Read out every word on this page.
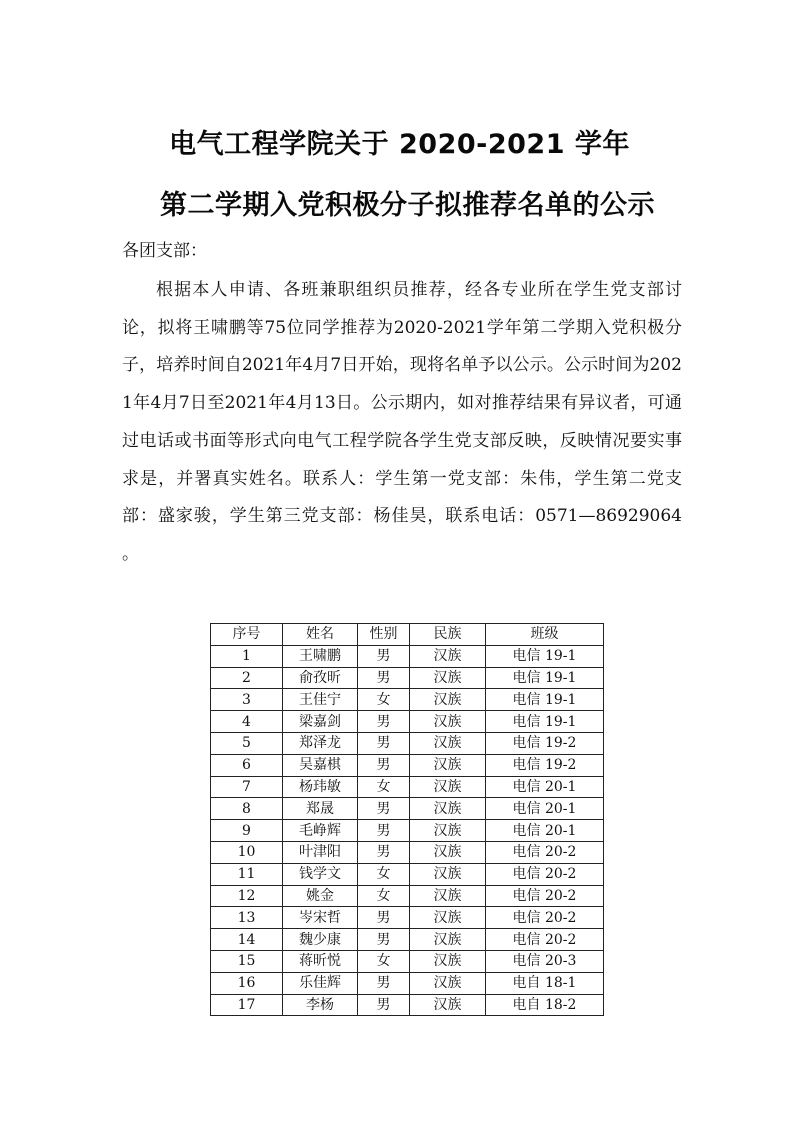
电气工程学院关于 2020-2021 学年
第二学期入党积极分子拟推荐名单的公示
各团支部：
根据本人申请、各班兼职组织员推荐，经各专业所在学生党支部讨论，拟将王啸鹏等75位同学推荐为2020-2021学年第二学期入党积极分子，培养时间自2021年4月7日开始，现将名单予以公示。公示时间为2021年4月7日至2021年4月13日。公示期内，如对推荐结果有异议者，可通过电话或书面等形式向电气工程学院各学生党支部反映，反映情况要实事求是，并署真实姓名。联系人：学生第一党支部：朱伟，学生第二党支部：盛家骏，学生第三党支部：杨佳昊，联系电话：0571—86929064 。
序号	姓名	性别	民族	班级
1	王啸鹏	男	汉族	电信 19-1
2	俞孜昕	男	汉族	电信 19-1
3	王佳宁	女	汉族	电信 19-1
4	梁嘉剑	男	汉族	电信 19-1
5	郑泽龙	男	汉族	电信 19-2
6	吴嘉棋	男	汉族	电信 19-2
7	杨玮敏	女	汉族	电信 20-1
8	郑晟	男	汉族	电信 20-1
9	毛峥辉	男	汉族	电信 20-1
10	叶津阳	男	汉族	电信 20-2
11	钱学文	女	汉族	电信 20-2
12	姚金	女	汉族	电信 20-2
13	岑宋哲	男	汉族	电信 20-2
14	魏少康	男	汉族	电信 20-2
15	蒋昕悦	女	汉族	电信 20-3
16	乐佳辉	男	汉族	电自 18-1
17	李杨	男	汉族	电自 18-2
